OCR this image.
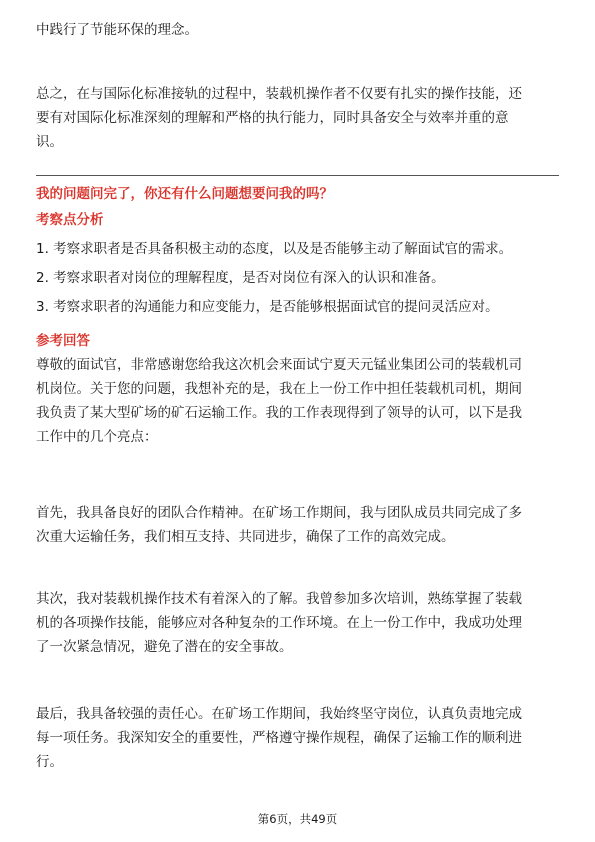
中践行了节能环保的理念。

总之，在与国际化标准接轨的过程中，装载机操作者不仅要有扎实的操作技能，还
要有对国际化标准深刻的理解和严格的执行能力，同时具备安全与效率并重的意
识。

我的问题问完了，你还有什么问题想要问我的吗？
考察点分析
1. 考察求职者是否具备积极主动的态度，以及是否能够主动了解面试官的需求。
2. 考察求职者对岗位的理解程度，是否对岗位有深入的认识和准备。
3. 考察求职者的沟通能力和应变能力，是否能够根据面试官的提问灵活应对。
参考回答

尊敬的面试官，非常感谢您给我这次机会来面试宁夏天元锰业集团公司的装载机司
机岗位。关于您的问题，我想补充的是，我在上一份工作中担任装载机司机，期间
我负责了某大型矿场的矿石运输工作。我的工作表现得到了领导的认可，以下是我
工作中的几个亮点：

首先，我具备良好的团队合作精神。在矿场工作期间，我与团队成员共同完成了多
次重大运输任务，我们相互支持、共同进步，确保了工作的高效完成。

其次，我对装载机操作技术有着深入的了解。我曾参加多次培训，熟练掌握了装载
机的各项操作技能，能够应对各种复杂的工作环境。在上一份工作中，我成功处理
了一次紧急情况，避免了潜在的安全事故。

最后，我具备较强的责任心。在矿场工作期间，我始终坚守岗位，认真负责地完成
每一项任务。我深知安全的重要性，严格遵守操作规程，确保了运输工作的顺利进
行。

第6页，共49页
